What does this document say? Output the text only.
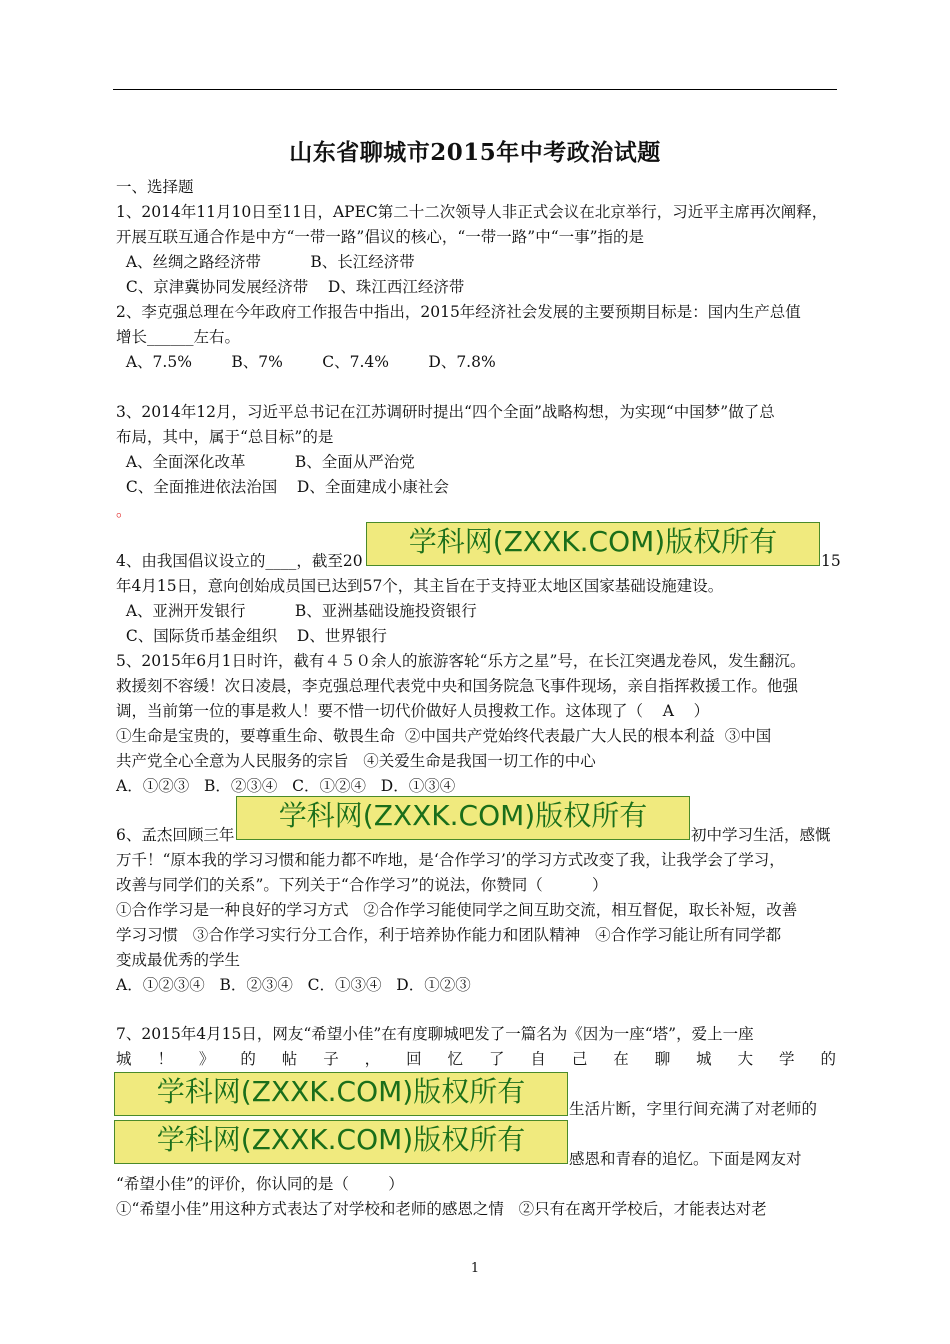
山东省聊城市2015年中考政治试题
一、选择题
1、2014年11月10日至11日，APEC第二十二次领导人非正式会议在北京举行，习近平主席再次阐释，
开展互联互通合作是中方“一带一路”倡议的核心，“一带一路”中“一事”指的是
A、丝绸之路经济带          B、长江经济带
C、京津冀协同发展经济带    D、珠江西江经济带
2、李克强总理在今年政府工作报告中指出，2015年经济社会发展的主要预期目标是：国内生产总值
增长______左右。
A、7.5%        B、7%        C、7.4%        D、7.8%
3、2014年12月，习近平总书记在江苏调研时提出“四个全面”战略构想，为实现“中国梦”做了总
布局，其中，属于“总目标”的是
A、全面深化改革          B、全面从严治党
C、全面推进依法治国    D、全面建成小康社会
。
4、由我国倡议设立的____，截至20	15
学科网(ZXXK.COM)版权所有
年4月15日，意向创始成员国已达到57个，其主旨在于支持亚太地区国家基础设施建设。
A、亚洲开发银行          B、亚洲基础设施投资银行
C、国际货币基金组织    D、世界银行
5、2015年6月1日时许，截有４５０余人的旅游客轮“乐方之星”号，在长江突遇龙卷风，发生翻沉。
救援刻不容缓！次日凌晨，李克强总理代表党中央和国务院急飞事件现场，亲自指挥救援工作。他强
调，当前第一位的事是救人！要不惜一切代价做好人员搜救工作。这体现了（    A    ）
①生命是宝贵的，要尊重生命、敬畏生命  ②中国共产党始终代表最广大人民的根本利益  ③中国
共产党全心全意为人民服务的宗旨   ④关爱生命是我国一切工作的中心
A．①②③   B．②③④   C．①②④   D．①③④
6、孟杰回顾三年
学科网(ZXXK.COM)版权所有
初中学习生活，感慨
万千！“原本我的学习习惯和能力都不咋地，是‘合作学习’的学习方式改变了我，让我学会了学习，
改善与同学们的关系”。下列关于“合作学习”的说法，你赞同（          ）
①合作学习是一种良好的学习方式   ②合作学习能使同学之间互助交流，相互督促，取长补短，改善
学习习惯   ③合作学习实行分工合作，利于培养协作能力和团队精神   ④合作学习能让所有同学都
变成最优秀的学生
A．①②③④   B．②③④   C．①③④   D．①②③
7、2015年4月15日，网友“希望小佳”在有度聊城吧发了一篇名为《因为一座“塔”，爱上一座
城！》的帖子，回忆了自己在聊城大学的
学科网(ZXXK.COM)版权所有
生活片断，字里行间充满了对老师的
学科网(ZXXK.COM)版权所有
感恩和青春的追忆。下面是网友对
“希望小佳”的评价，你认同的是（        ）
①“希望小佳”用这种方式表达了对学校和老师的感恩之情   ②只有在离开学校后，才能表达对老
1
